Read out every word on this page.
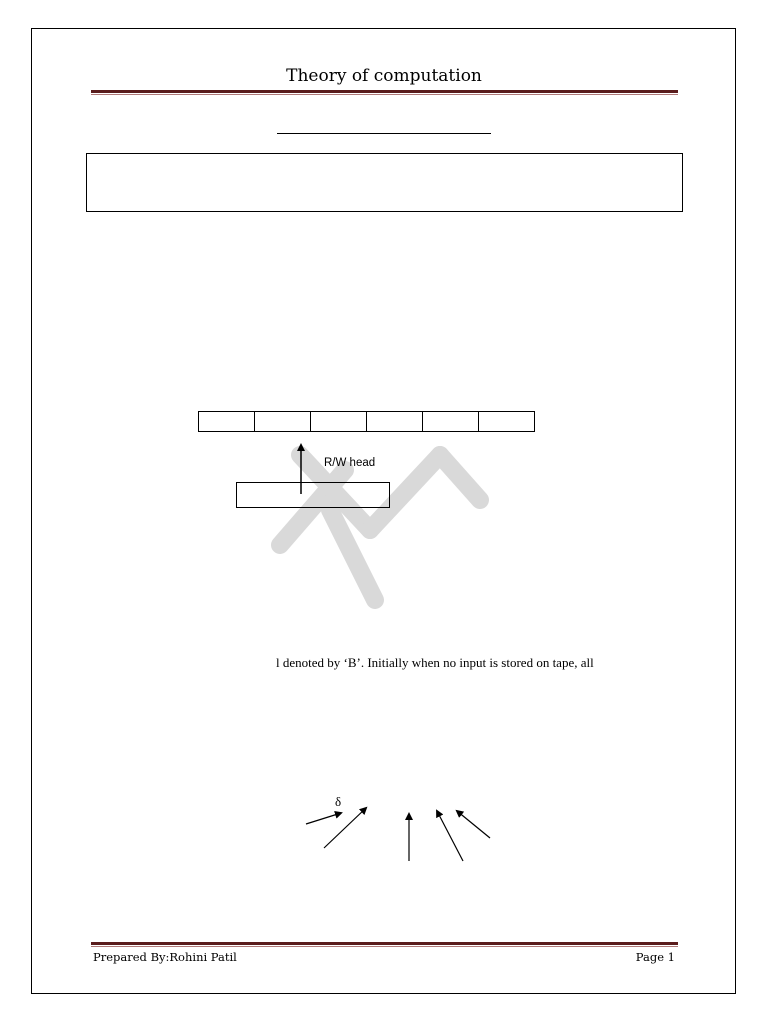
Theory of computation
R/W head
l denoted by ‘B’. Initially when no input is stored on tape, all
δ
Prepared By:Rohini Patil	Page 1
